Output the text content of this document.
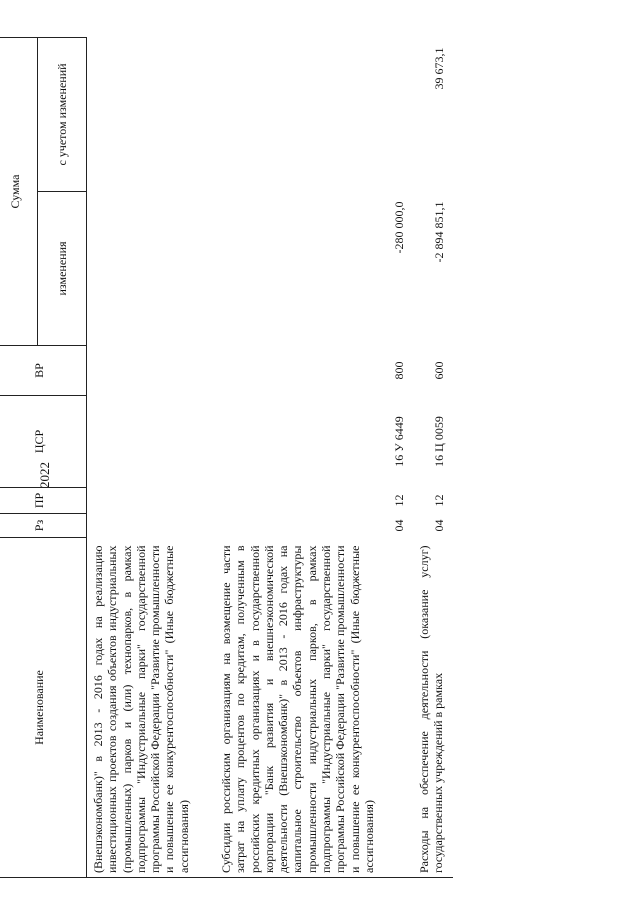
2022
Наименование	Рз	ПР	ЦСР	ВР	Сумма	
					изменения	с учетом изменений
(Внешэкономбанк)" в 2013 - 2016 годах на реализацию инвестиционных проектов создания объектов индустриальных (промышленных) парков и (или) технопарков, в рамках подпрограммы "Индустриальные парки" государственной программы Российской Федерации "Развитие промышленности и повышение ее конкурентоспособности" (Иные бюджетные ассигнования)						
Субсидии российским организациям на возмещение части затрат на уплату процентов по кредитам, полученным в российских кредитных организациях и в государственной корпорации "Банк развития и внешнеэкономической деятельности (Внешэкономбанк)" в 2013 - 2016 годах на капитальное строительство объектов инфраструктуры промышленности индустриальных парков, в рамках подпрограммы "Индустриальные парки" государственной программы Российской Федерации "Развитие промышленности и повышение ее конкурентоспособности" (Иные бюджетные ассигнования)	04	12	16 У 6449	800	-280 000,0	
Расходы на обеспечение деятельности (оказание услуг) государственных учреждений в рамках	04	12	16 Ц 0059	600	-2 894 851,1	39 673,1
